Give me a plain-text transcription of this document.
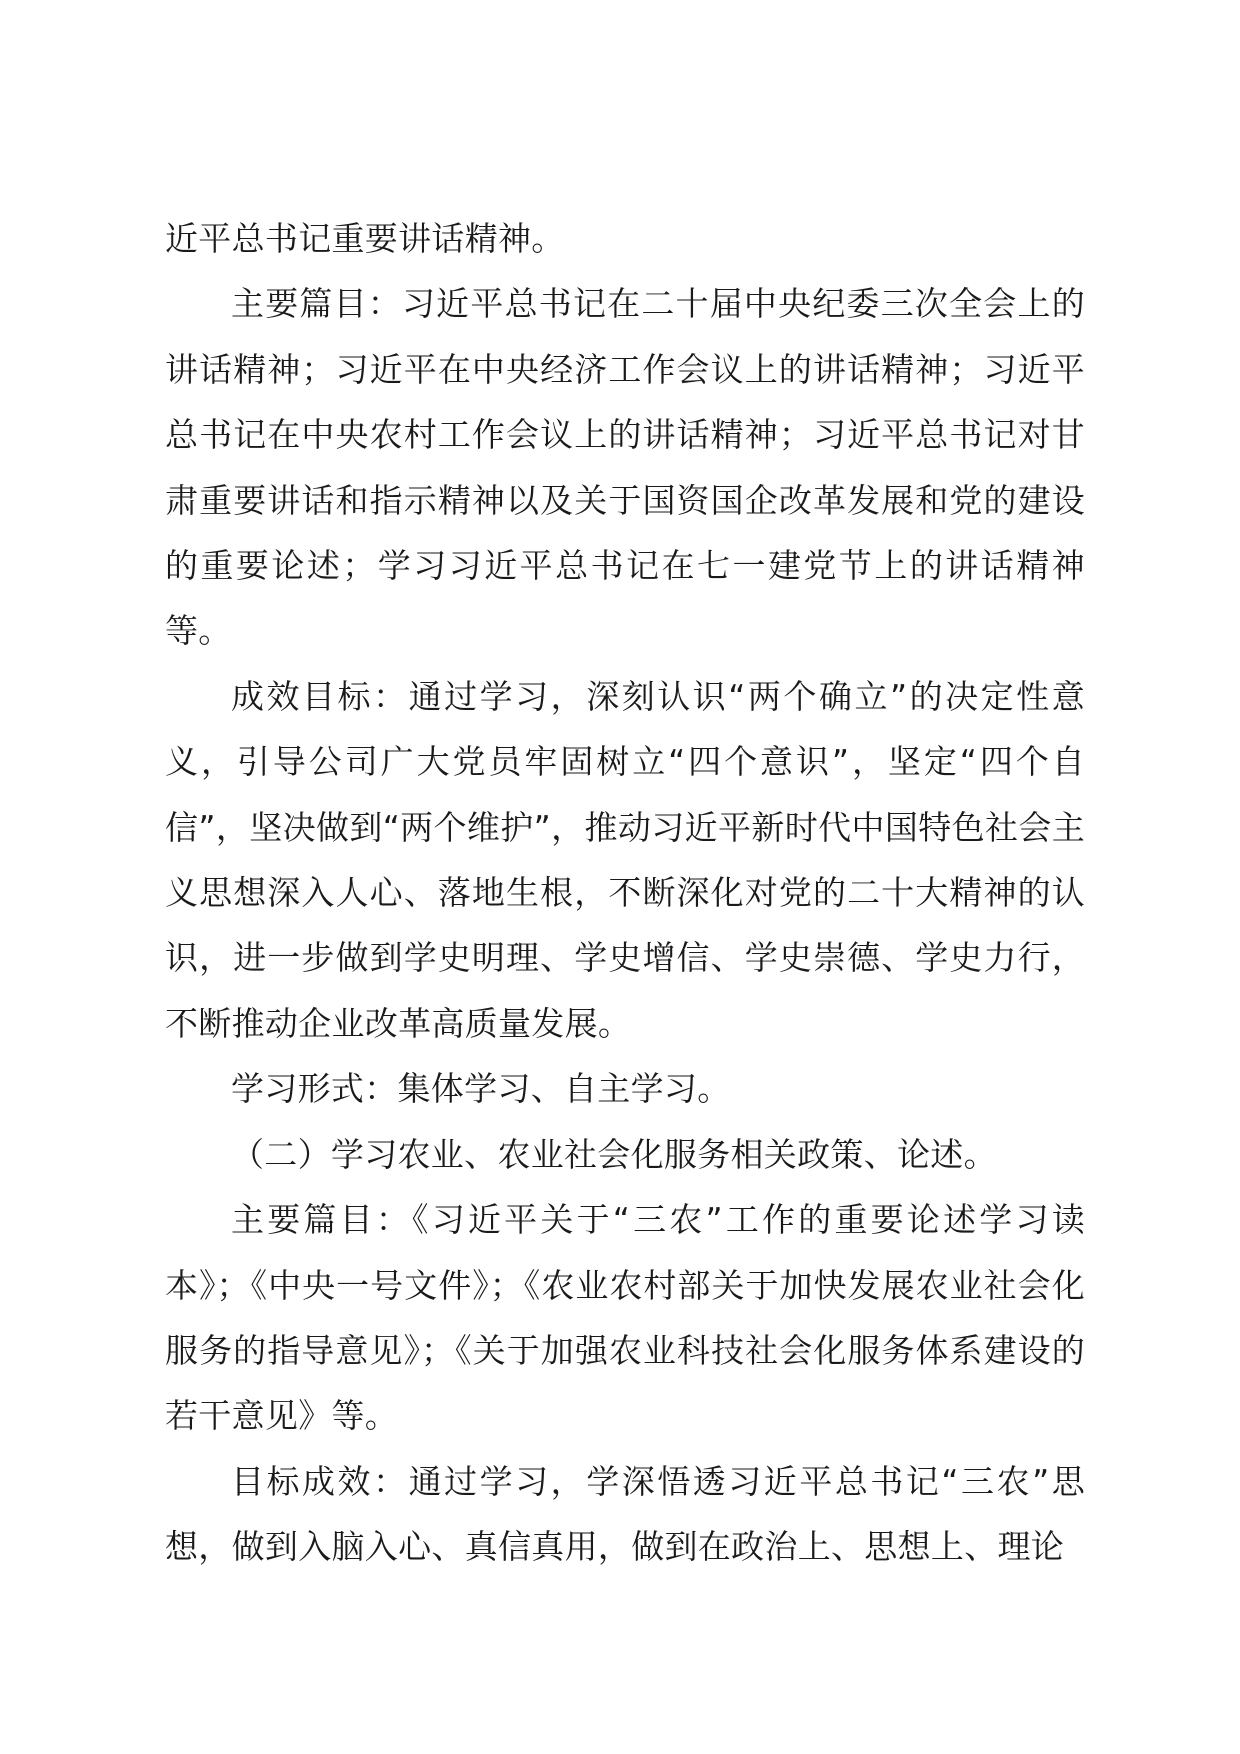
近平总书记重要讲话精神。

主要篇目：习近平总书记在二十届中央纪委三次全会上的讲话精神；习近平在中央经济工作会议上的讲话精神；习近平总书记在中央农村工作会议上的讲话精神；习近平总书记对甘肃重要讲话和指示精神以及关于国资国企改革发展和党的建设的重要论述；学习习近平总书记在七一建党节上的讲话精神等。

成效目标：通过学习，深刻认识“两个确立”的决定性意义，引导公司广大党员牢固树立“四个意识”，坚定“四个自信”，坚决做到“两个维护”，推动习近平新时代中国特色社会主义思想深入人心、落地生根，不断深化对党的二十大精神的认识，进一步做到学史明理、学史增信、学史崇德、学史力行，不断推动企业改革高质量发展。

学习形式：集体学习、自主学习。

（二）学习农业、农业社会化服务相关政策、论述。

主要篇目：《习近平关于“三农”工作的重要论述学习读本》；《中央一号文件》；《农业农村部关于加快发展农业社会化服务的指导意见》；《关于加强农业科技社会化服务体系建设的若干意见》等。

目标成效：通过学习，学深悟透习近平总书记“三农”思想，做到入脑入心、真信真用，做到在政治上、思想上、理论
